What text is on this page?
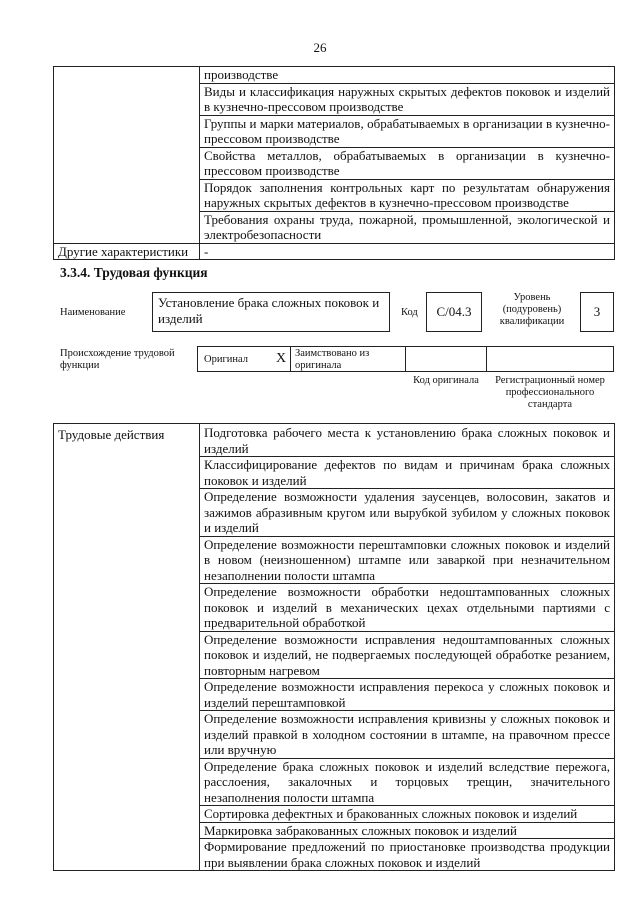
26
	производстве
	Виды и классификация наружных скрытых дефектов поковок и изделий в кузнечно-прессовом производстве
	Группы и марки материалов, обрабатываемых в организации в кузнечно-прессовом производстве
	Свойства металлов, обрабатываемых в организации в кузнечно-прессовом производстве
	Порядок заполнения контрольных карт по результатам обнаружения наружных скрытых дефектов в кузнечно-прессовом производстве
	Требования охраны труда, пожарной, промышленной, экологической и электробезопасности
Другие характеристики	-
3.3.4. Трудовая функция
Наименование
Установление брака сложных поковок и изделий	Код	C/04.3
Уровень (подуровень) квалификации
3
Происхождение трудовой функции
Оригинал X Заимствовано из оригинала
Код оригинала	Регистрационный номер профессионального стандарта
Трудовые действия	Подготовка рабочего места к установлению брака сложных поковок и изделий
Классифицирование дефектов по видам и причинам брака сложных поковок и изделий
Определение возможности удаления заусенцев, волосовин, закатов и зажимов абразивным кругом или вырубкой зубилом у сложных поковок и изделий
Определение возможности перештамповки сложных поковок и изделий в новом (неизношенном) штампе или заваркой при незначительном незаполнении полости штампа
Определение возможности обработки недоштампованных сложных поковок и изделий в механических цехах отдельными партиями с предварительной обработкой
Определение возможности исправления недоштампованных сложных поковок и изделий, не подвергаемых последующей обработке резанием, повторным нагревом
Определение возможности исправления перекоса у сложных поковок и изделий перештамповкой
Определение возможности исправления кривизны у сложных поковок и изделий правкой в холодном состоянии в штампе, на правочном прессе или вручную
Определение брака сложных поковок и изделий вследствие пережога, расслоения, закалочных и торцовых трещин, значительного незаполнения полости штампа
Сортировка дефектных и бракованных сложных поковок и изделий
Маркировка забракованных сложных поковок и изделий
Формирование предложений по приостановке производства продукции при выявлении брака сложных поковок и изделий
